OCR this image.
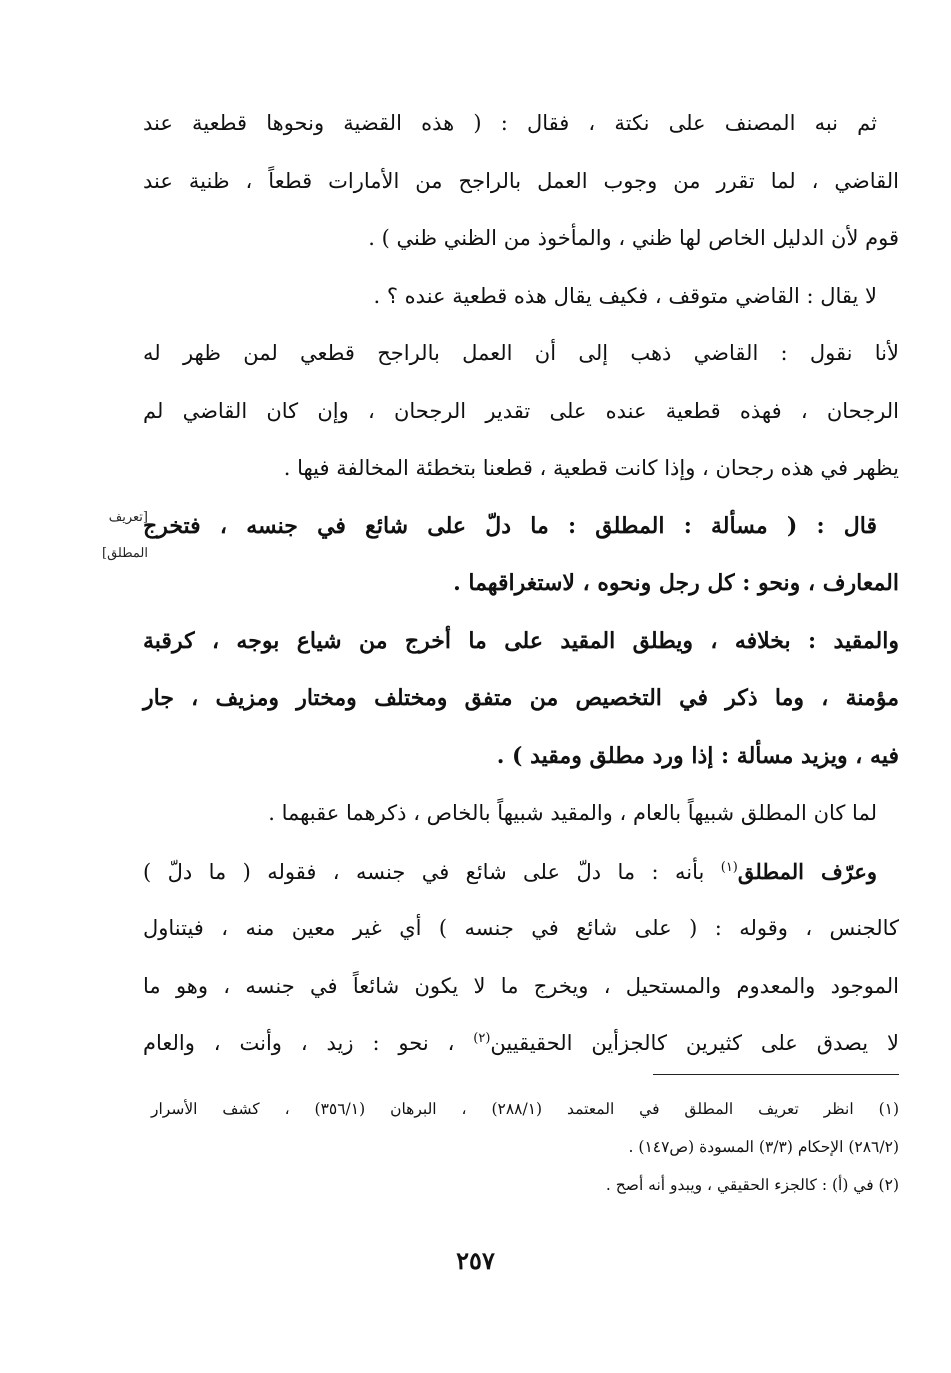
ثم نبه المصنف على نكتة ، فقال : ( هذه القضية ونحوها قطعية عند
القاضي ، لما تقرر من وجوب العمل بالراجح من الأمارات قطعاً ، ظنية عند
قوم لأن الدليل الخاص لها ظني ، والمأخوذ من الظني ظني ) .
لا يقال : القاضي متوقف ، فكيف يقال هذه قطعية عنده ؟ .
لأنا نقول : القاضي ذهب إلى أن العمل بالراجح قطعي لمن ظهر له
الرجحان ، فهذه قطعية عنده على تقدير الرجحان ، وإن كان القاضي لم
يظهر في هذه رجحان ، وإذا كانت قطعية ، قطعنا بتخطئة المخالفة فيها .
قال : ( مسألة : المطلق : ما دلّ على شائع في جنسه ، فتخرج
المعارف ، ونحو : كل رجل ونحوه ، لاستغراقهما .
والمقيد : بخلافه ، ويطلق المقيد على ما أخرج من شياع بوجه ، كرقبة
مؤمنة ، وما ذكر في التخصيص من متفق ومختلف ومختار ومزيف ، جار
فيه ، ويزيد مسألة : إذا ورد مطلق ومقيد ) .
لما كان المطلق شبيهاً بالعام ، والمقيد شبيهاً بالخاص ، ذكرهما عقبهما .
وعرّف المطلق$^{(١)}$ بأنه : ما دلّ على شائع في جنسه ، فقوله ( ما دلّ )
كالجنس ، وقوله : ( على شائع في جنسه ) أي غير معين منه ، فيتناول
الموجود والمعدوم والمستحيل ، ويخرج ما لا يكون شائعاً في جنسه ، وهو ما
لا يصدق على كثيرين كالجزأين الحقيقيين$^{(٢)}$ ، نحو : زيد ، وأنت ، والعام
[تعريف
المطلق]
(١) انظر تعريف المطلق في المعتمد (٢٨٨/١) ، البرهان (٣٥٦/١) ، كشف الأسرار
(٢٨٦/٢) الإحكام (٣/٣) المسودة (ص١٤٧) .
(٢) في (أ) : كالجزء الحقيقي ، ويبدو أنه أصح .
٢٥٧
